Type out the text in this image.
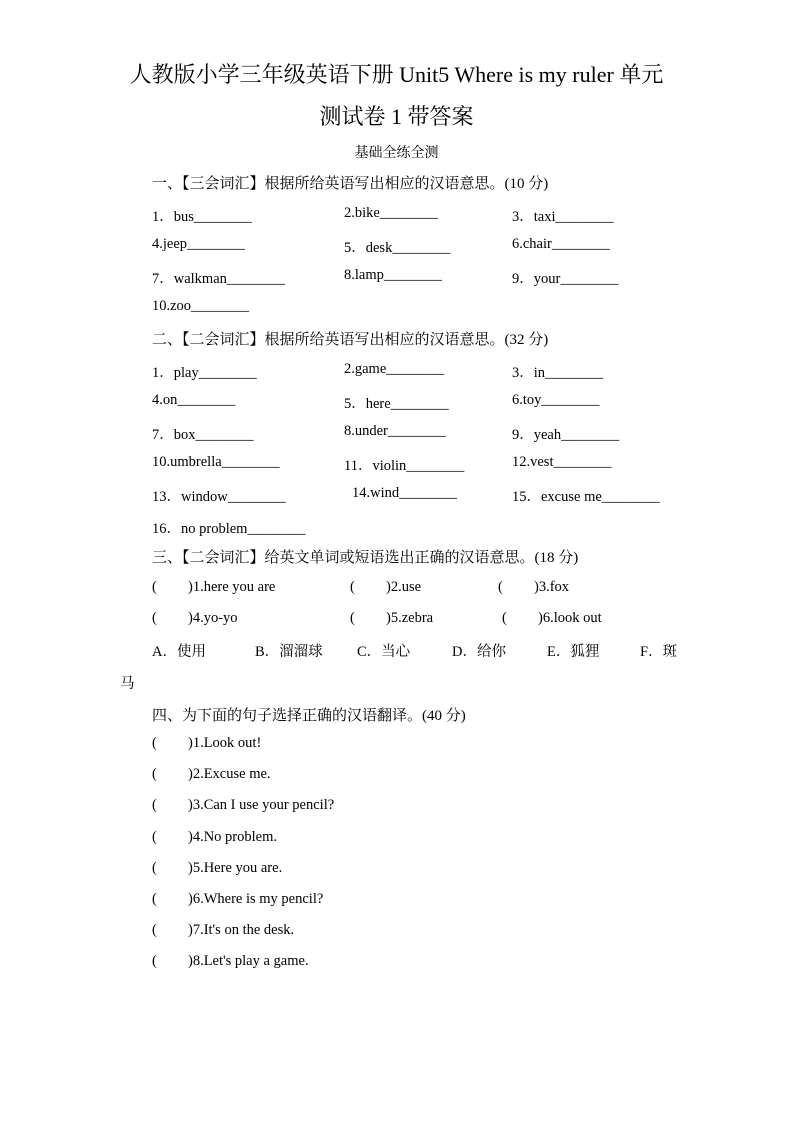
人教版小学三年级英语下册 Unit5 Where is my ruler 单元
测试卷 1 带答案
基础全练全测
一、【三会词汇】根据所给英语写出相应的汉语意思。(10 分)
1．bus________	2.bike________	3．taxi________
4.jeep________	5．desk________	6.chair________
7．walkman________	8.lamp________	9．your________
10.zoo________
二、【二会词汇】根据所给英语写出相应的汉语意思。(32 分)
1．play________	2.game________	3．in________
4.on________	5．here________	6.toy________
7．box________	8.under________	9．yeah________
10.umbrella________	11．violin________	12.vest________
13．window________	14.wind________	15．excuse me________
16．no problem________
三、【二会词汇】给英文单词或短语选出正确的汉语意思。(18 分)
( )1.here you are	( )2.use	( )3.fox
( )4.yo-yo	( )5.zebra	( )6.look out
A．使用	B．溜溜球 C．当心	D．给你	E．狐狸	F．斑
马
四、为下面的句子选择正确的汉语翻译。(40 分)
( )1.Look out!
( )2.Excuse me.
( )3.Can I use your pencil?
( )4.No problem.
( )5.Here you are.
( )6.Where is my pencil?
( )7.It's on the desk.
( )8.Let's play a game.
